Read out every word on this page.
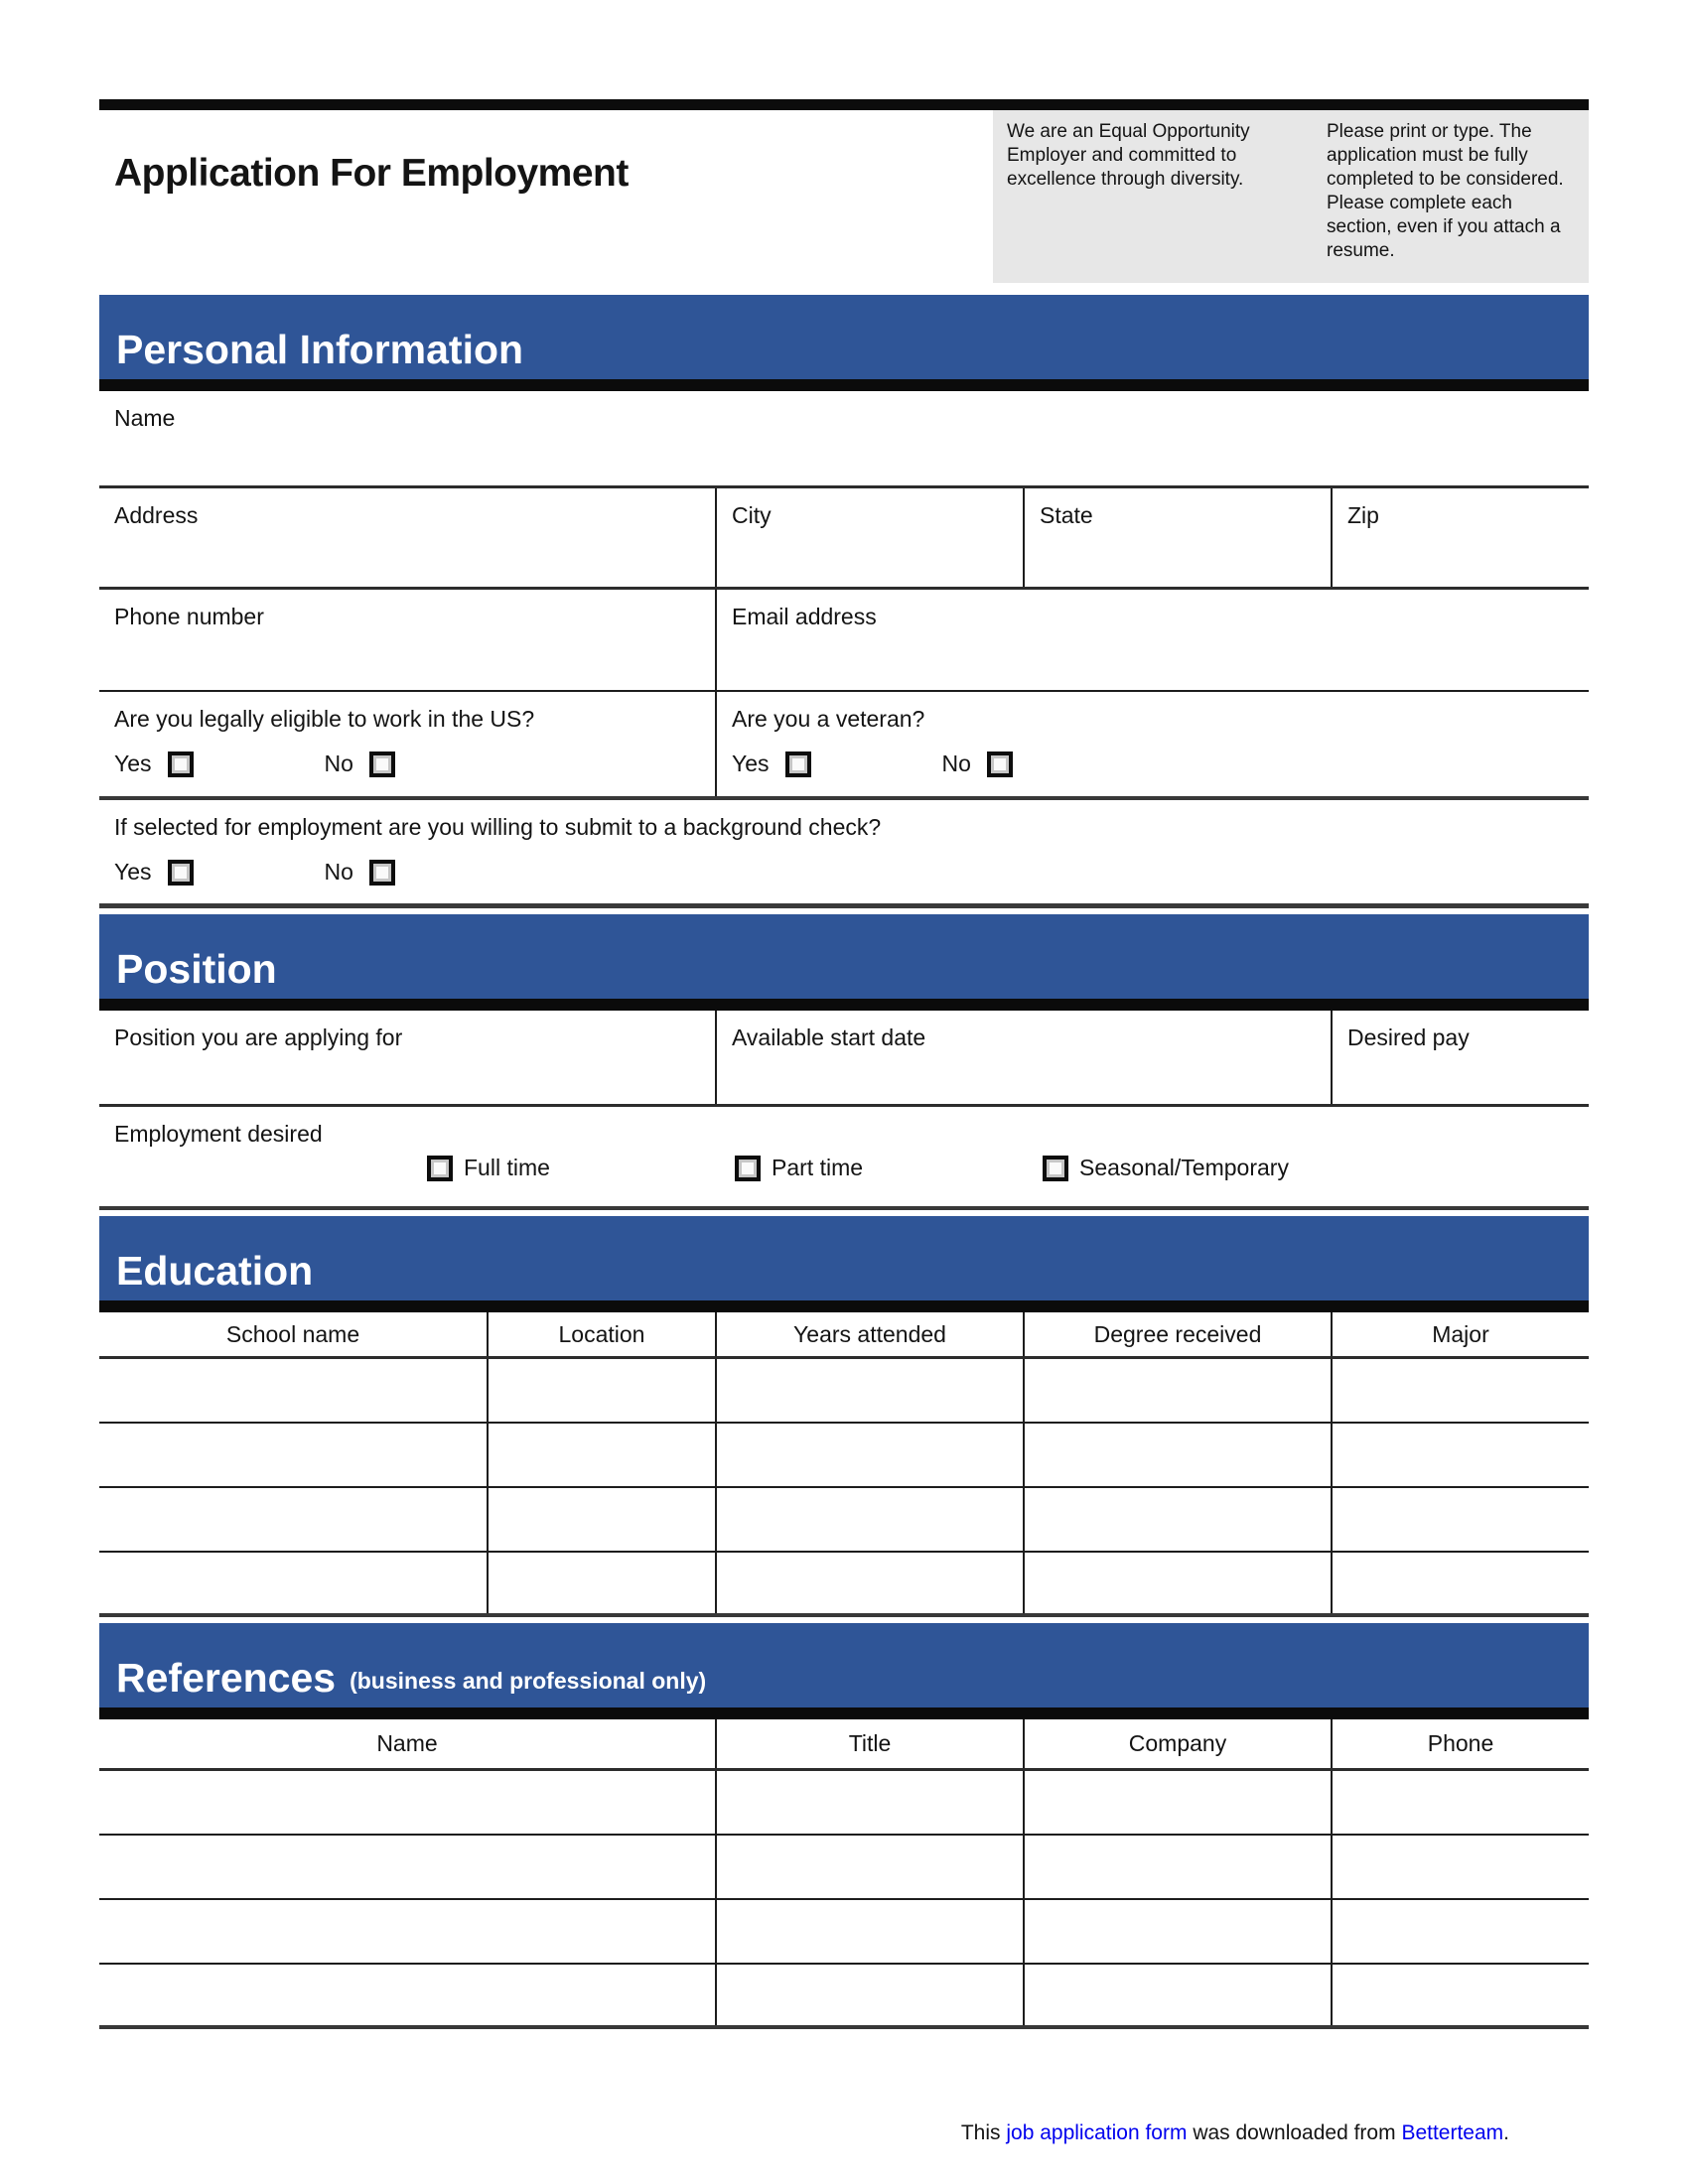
Application For Employment
We are an Equal Opportunity Employer and committed to excellence through diversity.
Please print or type. The application must be fully completed to be considered. Please complete each section, even if you attach a resume.
Personal Information
Name
Address	City	State	Zip
Phone number	Email address
Are you legally eligible to work in the US?
Yes	No
Are you a veteran?
Yes	No
If selected for employment are you willing to submit to a background check?
Yes	No
Position
Position you are applying for	Available start date	Desired pay
Employment desired
Full time	Part time	Seasonal/Temporary
Education
School name	Location	Years attended	Degree received	Major
References (business and professional only)
Name	Title	Company	Phone
This job application form was downloaded from Betterteam.
